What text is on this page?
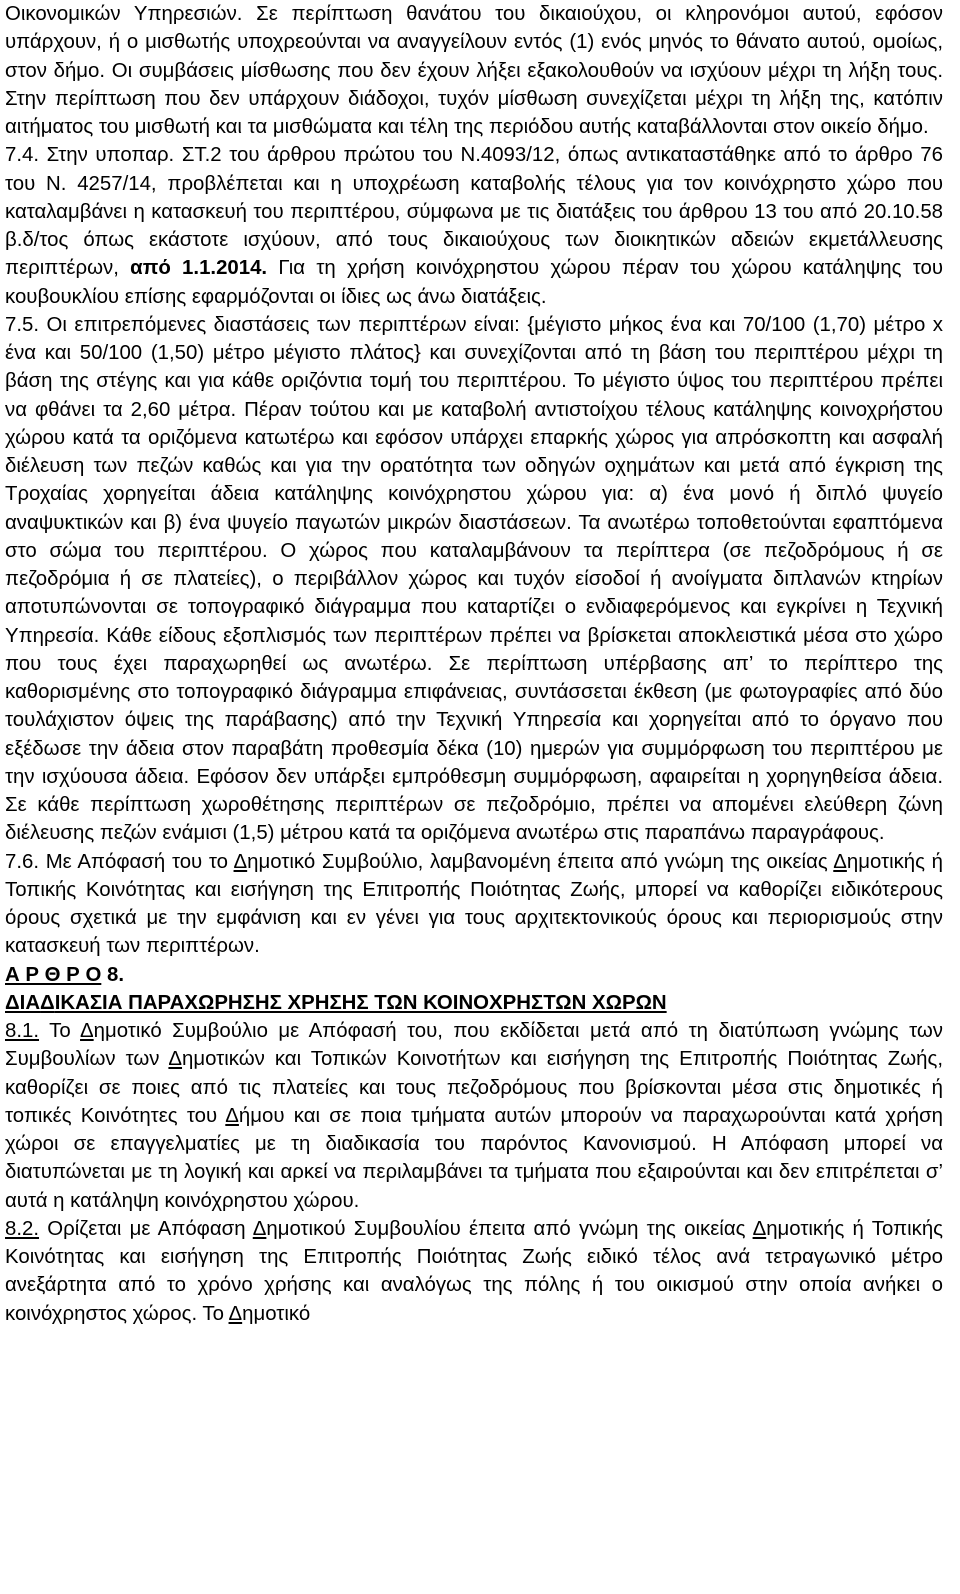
Οικονομικών Υπηρεσιών. Σε περίπτωση θανάτου του δικαιούχου, οι κληρονόμοι αυτού, εφόσον υπάρχουν, ή ο μισθωτής υποχρεούνται να αναγγείλουν εντός (1) ενός μηνός το θάνατο αυτού, ομοίως, στον δήμο. Οι συμβάσεις μίσθωσης που δεν έχουν λήξει εξακολουθούν να ισχύουν μέχρι τη λήξη τους. Στην περίπτωση που δεν υπάρχουν διάδοχοι, τυχόν μίσθωση συνεχίζεται μέχρι τη λήξη της, κατόπιν αιτήματος του μισθωτή και τα μισθώματα και τέλη της περιόδου αυτής καταβάλλονται στον οικείο δήμο.

7.4. Στην υποπαρ. ΣΤ.2 του άρθρου πρώτου του Ν.4093/12, όπως αντικαταστάθηκε από το άρθρο 76 του Ν. 4257/14, προβλέπεται και η υποχρέωση καταβολής τέλους για τον κοινόχρηστο χώρο που καταλαμβάνει η κατασκευή του περιπτέρου, σύμφωνα με τις διατάξεις του άρθρου 13 του από 20.10.58 β.δ/τος όπως εκάστοτε ισχύουν, από τους δικαιούχους των διοικητικών αδειών εκμετάλλευσης περιπτέρων, από 1.1.2014. Για τη χρήση κοινόχρηστου χώρου πέραν του χώρου κατάληψης του κουβουκλίου επίσης εφαρμόζονται οι ίδιες ως άνω διατάξεις.

7.5. Οι επιτρεπόμενες διαστάσεις των περιπτέρων είναι: {μέγιστο μήκος ένα και 70/100 (1,70) μέτρο x ένα και 50/100 (1,50) μέτρο μέγιστο πλάτος} και συνεχίζονται από τη βάση του περιπτέρου μέχρι τη βάση της στέγης και για κάθε οριζόντια τομή του περιπτέρου. Το μέγιστο ύψος του περιπτέρου πρέπει να φθάνει τα 2,60 μέτρα. Πέραν τούτου και με καταβολή αντιστοίχου τέλους κατάληψης κοινοχρήστου χώρου κατά τα οριζόμενα κατωτέρω και εφόσον υπάρχει επαρκής χώρος για απρόσκοπτη και ασφαλή διέλευση των πεζών καθώς και για την ορατότητα των οδηγών οχημάτων και μετά από έγκριση της Τροχαίας χορηγείται άδεια κατάληψης κοινόχρηστου χώρου για: α) ένα μονό ή διπλό ψυγείο αναψυκτικών και β) ένα ψυγείο παγωτών μικρών διαστάσεων. Τα ανωτέρω τοποθετούνται εφαπτόμενα στο σώμα του περιπτέρου. Ο χώρος που καταλαμβάνουν τα περίπτερα (σε πεζοδρόμους ή σε πεζοδρόμια ή σε πλατείες), ο περιβάλλον χώρος και τυχόν είσοδοί ή ανοίγματα διπλανών κτηρίων αποτυπώνονται σε τοπογραφικό διάγραμμα που καταρτίζει ο ενδιαφερόμενος και εγκρίνει η Τεχνική Υπηρεσία. Κάθε είδους εξοπλισμός των περιπτέρων πρέπει να βρίσκεται αποκλειστικά μέσα στο χώρο που τους έχει παραχωρηθεί ως ανωτέρω. Σε περίπτωση υπέρβασης απ’ το περίπτερο της καθορισμένης στο τοπογραφικό διάγραμμα επιφάνειας, συντάσσεται έκθεση (με φωτογραφίες από δύο τουλάχιστον όψεις της παράβασης) από την Τεχνική Υπηρεσία και χορηγείται από το όργανο που εξέδωσε την άδεια στον παραβάτη προθεσμία δέκα (10) ημερών για συμμόρφωση του περιπτέρου με την ισχύουσα άδεια. Εφόσον δεν υπάρξει εμπρόθεσμη συμμόρφωση, αφαιρείται η χορηγηθείσα άδεια. Σε κάθε περίπτωση χωροθέτησης περιπτέρων σε πεζοδρόμιο, πρέπει να απομένει ελεύθερη ζώνη διέλευσης πεζών ενάμισι (1,5) μέτρου κατά τα οριζόμενα ανωτέρω στις παραπάνω παραγράφους.

7.6. Με Απόφασή του το Δημοτικό Συμβούλιο, λαμβανομένη έπειτα από γνώμη της οικείας Δημοτικής ή Τοπικής Κοινότητας και εισήγηση της Επιτροπής Ποιότητας Ζωής, μπορεί να καθορίζει ειδικότερους όρους σχετικά με την εμφάνιση και εν γένει για τους αρχιτεκτονικούς όρους και περιορισμούς στην κατασκευή των περιπτέρων.

Α Ρ Θ Ρ Ο 8.

ΔΙΑΔΙΚΑΣΙΑ ΠΑΡΑΧΩΡΗΣΗΣ ΧΡΗΣΗΣ ΤΩΝ ΚΟΙΝΟΧΡΗΣΤΩΝ ΧΩΡΩΝ

8.1. Το Δημοτικό Συμβούλιο με Απόφασή του, που εκδίδεται μετά από τη διατύπωση γνώμης των Συμβουλίων των Δημοτικών και Τοπικών Κοινοτήτων και εισήγηση της Επιτροπής Ποιότητας Ζωής, καθορίζει σε ποιες από τις πλατείες και τους πεζοδρόμους που βρίσκονται μέσα στις δημοτικές ή τοπικές Κοινότητες του Δήμου και σε ποια τμήματα αυτών μπορούν να παραχωρούνται κατά χρήση χώροι σε επαγγελματίες με τη διαδικασία του παρόντος Κανονισμού. Η Απόφαση μπορεί να διατυπώνεται με τη λογική και αρκεί να περιλαμβάνει τα τμήματα που εξαιρούνται και δεν επιτρέπεται σ’ αυτά η κατάληψη κοινόχρηστου χώρου.

8.2. Ορίζεται με Απόφαση Δημοτικού Συμβουλίου έπειτα από γνώμη της οικείας Δημοτικής ή Τοπικής Κοινότητας και εισήγηση της Επιτροπής Ποιότητας Ζωής ειδικό τέλος ανά τετραγωνικό μέτρο ανεξάρτητα από το χρόνο χρήσης και αναλόγως της πόλης ή του οικισμού στην οποία ανήκει ο κοινόχρηστος χώρος. Το Δημοτικό
